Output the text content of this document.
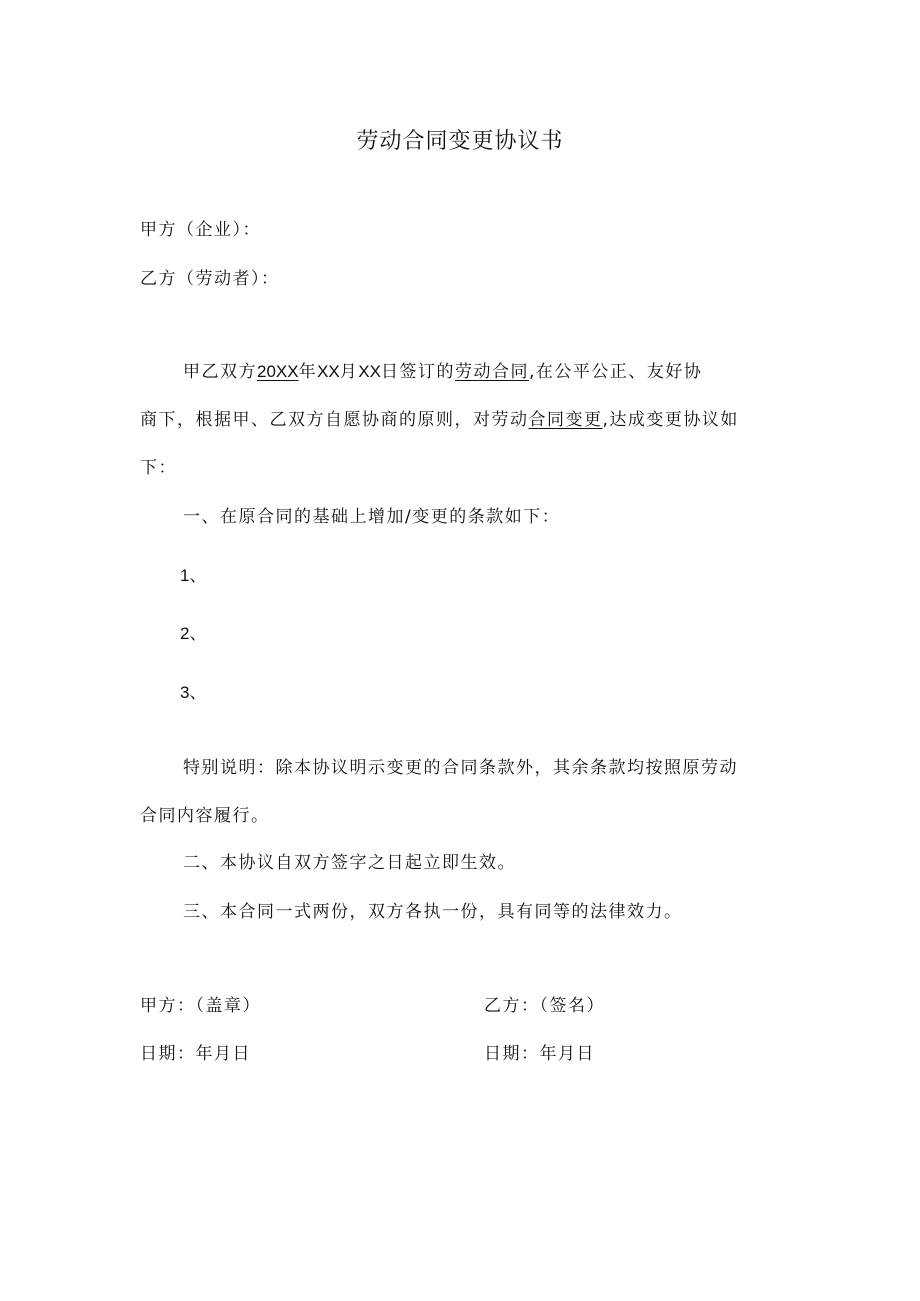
劳动合同变更协议书
甲方（企业）：
乙方（劳动者）：
甲乙双方20XX年XX月XX日签订的劳动合同,在公平公正、友好协
商下，根据甲、乙双方自愿协商的原则，对劳动合同变更,达成变更协议如
下：
一、在原合同的基础上增加/变更的条款如下：
1、
2、
3、
特别说明：除本协议明示变更的合同条款外，其余条款均按照原劳动
合同内容履行。
二、本协议自双方签字之日起立即生效。
三、本合同一式两份，双方各执一份，具有同等的法律效力。
甲方：（盖章）	乙方：（签名）
日期：年月日	日期：年月日
